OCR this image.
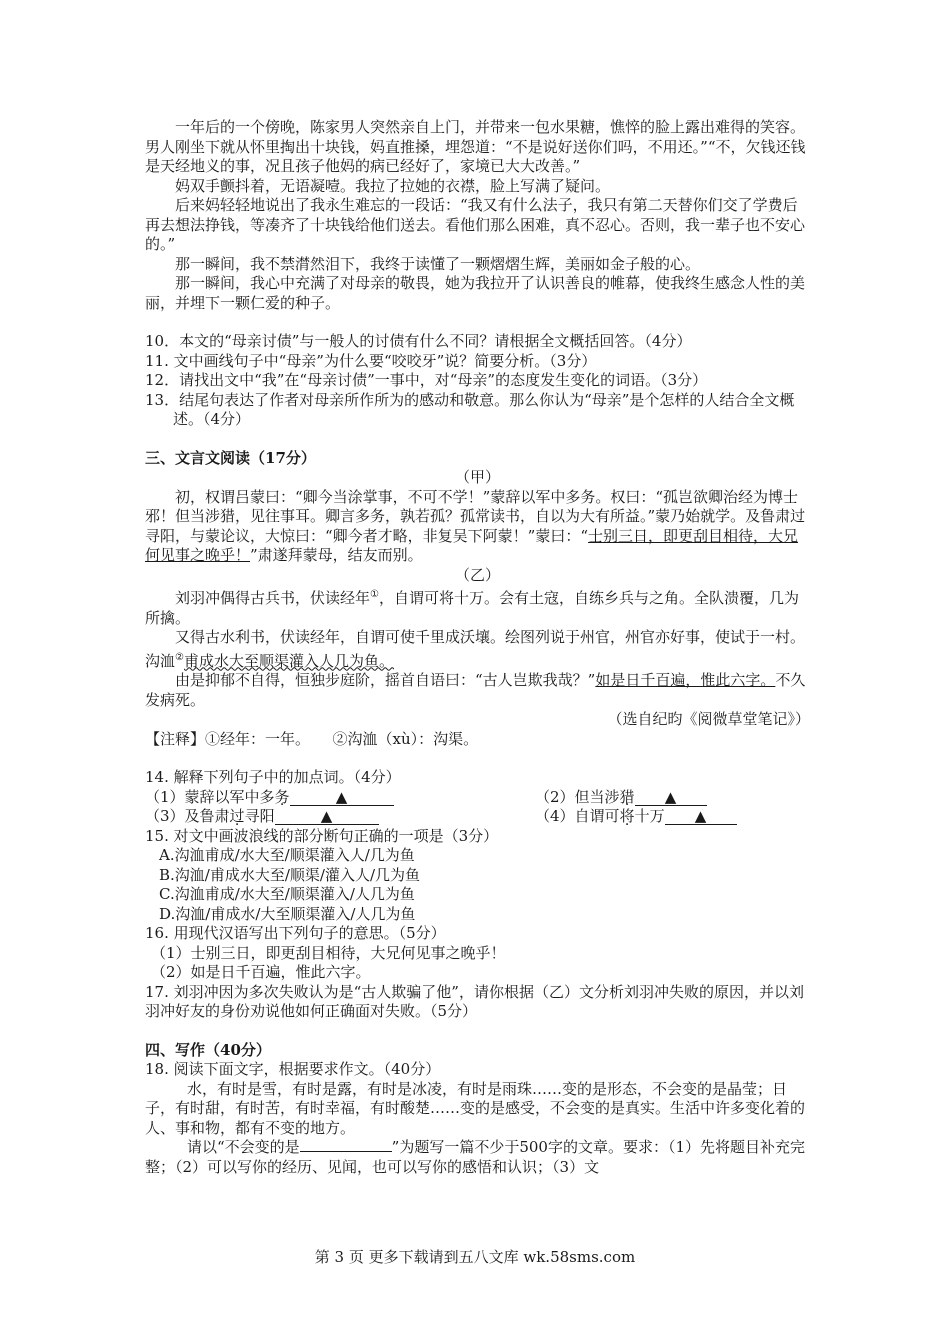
一年后的一个傍晚，陈家男人突然亲自上门，并带来一包水果糖，憔悴的脸上露出难得的笑容。男人刚坐下就从怀里掏出十块钱，妈直推搡，埋怨道：“不是说好送你们吗，不用还。”“不，欠钱还钱是天经地义的事，况且孩子他妈的病已经好了，家境已大大改善。”

妈双手颤抖着，无语凝噎。我拉了拉她的衣襟，脸上写满了疑问。

后来妈轻轻地说出了我永生难忘的一段话：“我又有什么法子，我只有第二天替你们交了学费后再去想法挣钱，等凑齐了十块钱给他们送去。看他们那么困难，真不忍心。否则，我一辈子也不安心的。”

那一瞬间，我不禁潸然泪下，我终于读懂了一颗熠熠生辉，美丽如金子般的心。

那一瞬间，我心中充满了对母亲的敬畏，她为我拉开了认识善良的帷幕，使我终生感念人性的美丽，并埋下一颗仁爱的种子。

10．本文的“母亲讨债”与一般人的讨债有什么不同？请根据全文概括回答。（4分）

11. 文中画线句子中“母亲”为什么要“咬咬牙”说？简要分析。（3分）

12．请找出文中“我”在“母亲讨债”一事中，对“母亲”的态度发生变化的词语。（3分）

13．结尾句表达了作者对母亲所作所为的感动和敬意。那么你认为“母亲”是个怎样的人结合全文概述。（4分）

三、文言文阅读（17分）

（甲）

初，权谓吕蒙曰：“卿今当涂掌事，不可不学！”蒙辞以军中多务。权曰：“孤岂欲卿治经为博士邪！但当涉猎，见往事耳。卿言多务，孰若孤？孤常读书，自以为大有所益。”蒙乃始就学。及鲁肃过寻阳，与蒙论议，大惊曰：“卿今者才略，非复吴下阿蒙！”蒙曰：“士别三日，即更刮目相待，大兄何见事之晚乎！”肃遂拜蒙母，结友而别。

（乙）

刘羽冲偶得古兵书，伏读经年①，自谓可将十万。会有土寇，自练乡兵与之角。全队溃覆，几为所擒。

又得古水利书，伏读经年，自谓可使千里成沃壤。绘图列说于州官，州官亦好事，使试于一村。沟洫②甫成水大至顺渠灌入人几为鱼。

由是抑郁不自得，恒独步庭阶，摇首自语曰：“古人岂欺我哉？”如是日千百遍，惟此六字。不久发病死。

（选自纪昀《阅微草堂笔记》）

【注释】①经年：一年。　　②沟洫（xù）：沟渠。

14. 解释下列句子中的加点词。（4分）

（1）蒙辞以军中多务	▲	（2）但当涉猎 ▲
（3）及鲁肃过寻阳	▲	（4）自谓可将十万 ▲

15. 对文中画波浪线的部分断句正确的一项是（3分）

A.沟洫甫成/水大至/顺渠灌入人/几为鱼

B.沟洫/甫成水大至/顺渠/灌入人/几为鱼

C.沟洫甫成/水大至/顺渠灌入/人几为鱼

D.沟洫/甫成水/大至顺渠灌入/人几为鱼

16. 用现代汉语写出下列句子的意思。（5分）

（1）士别三日，即更刮目相待，大兄何见事之晚乎！

（2）如是日千百遍，惟此六字。

17. 刘羽冲因为多次失败认为是“古人欺骗了他”，请你根据（乙）文分析刘羽冲失败的原因，并以刘羽冲好友的身份劝说他如何正确面对失败。（5分）

四、写作（40分）

18. 阅读下面文字，根据要求作文。（40分）

水，有时是雪，有时是露，有时是冰凌，有时是雨珠……变的是形态，不会变的是晶莹；日子，有时甜，有时苦，有时幸福，有时酸楚……变的是感受，不会变的是真实。生活中许多变化着的人、事和物，都有不变的地方。

请以“不会变的是	”为题写一篇不少于500字的文章。要求：（1）先将题目补充完整；（2）可以写你的经历、见闻，也可以写你的感悟和认识；（3）文

第 3 页 更多下载请到五八文库 wk.58sms.com
